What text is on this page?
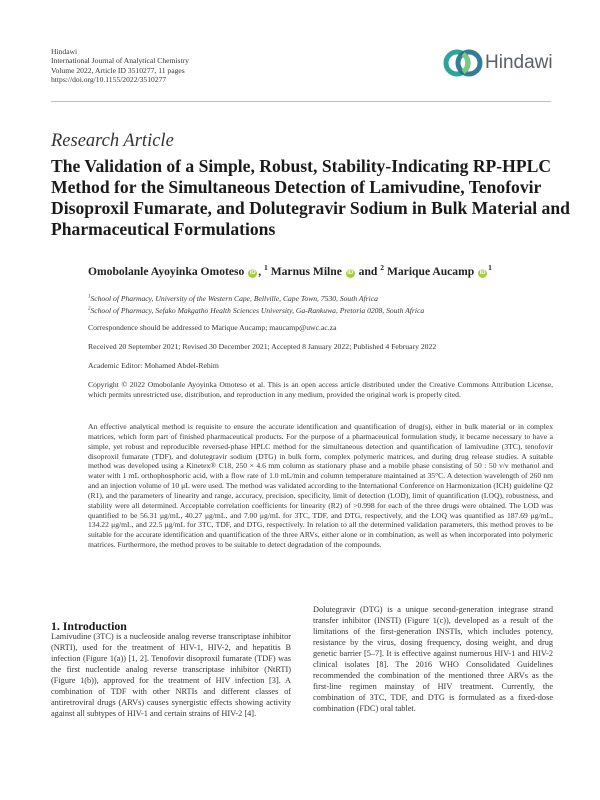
Hindawi
International Journal of Analytical Chemistry
Volume 2022, Article ID 3510277, 11 pages
https://doi.org/10.1155/2022/3510277
Hindawi
Research Article
The Validation of a Simple, Robust, Stability-Indicating RP-HPLC Method for the Simultaneous Detection of Lamivudine, Tenofovir Disoproxil Fumarate, and Dolutegravir Sodium in Bulk Material and Pharmaceutical Formulations
Omobolanle Ayoyinka Omoteso iD , $^1$ Marnus Milne iD and $^2$ Marique Aucamp $iD^1$
$^1$School of Pharmacy, University of the Western Cape, Bellville, Cape Town, 7530, South Africa
$^2$School of Pharmacy, Sefako Makgatho Health Sciences University, Ga-Rankuwa, Pretoria 0208, South Africa
Correspondence should be addressed to Marique Aucamp; maucamp@uwc.ac.za
Received 20 September 2021; Revised 30 December 2021; Accepted 8 January 2022; Published 4 February 2022
Academic Editor: Mohamed Abdel-Rehim
Copyright © 2022 Omobolanle Ayoyinka Omoteso et al. This is an open access article distributed under the Creative Commons Attribution License, which permits unrestricted use, distribution, and reproduction in any medium, provided the original work is properly cited.
An effective analytical method is requisite to ensure the accurate identification and quantification of drug(s), either in bulk material or in complex matrices, which form part of finished pharmaceutical products. For the purpose of a pharmaceutical formulation study, it became necessary to have a simple, yet robust and reproducible reversed-phase HPLC method for the simultaneous detection and quantification of lamivudine (3TC), tenofovir disoproxil fumarate (TDF), and dolutegravir sodium (DTG) in bulk form, complex polymeric matrices, and during drug release studies. A suitable method was developed using a Kinetex® C18, 250 × 4.6 mm column as stationary phase and a mobile phase consisting of 50 : 50 v/v methanol and water with 1 mL orthophosphoric acid, with a flow rate of 1.0 mL/min and column temperature maintained at 35°C. A detection wavelength of 260 nm and an injection volume of 10 μL were used. The method was validated according to the International Conference on Harmonization (ICH) guideline Q2 (R1), and the parameters of linearity and range, accuracy, precision, specificity, limit of detection (LOD), limit of quantification (LOQ), robustness, and stability were all determined. Acceptable correlation coefficients for linearity (R2) of >0.998 for each of the three drugs were obtained. The LOD was quantified to be 56.31 μg/mL, 40.27 μg/mL, and 7.00 μg/mL for 3TC, TDF, and DTG, respectively, and the LOQ was quantified as 187.69 μg/mL, 134.22 μg/mL, and 22.5 μg/mL for 3TC, TDF, and DTG, respectively. In relation to all the determined validation parameters, this method proves to be suitable for the accurate identification and quantification of the three ARVs, either alone or in combination, as well as when incorporated into polymeric matrices. Furthermore, the method proves to be suitable to detect degradation of the compounds.
1. Introduction
Lamivudine (3TC) is a nucleoside analog reverse transcriptase inhibitor (NRTI), used for the treatment of HIV-1, HIV-2, and hepatitis B infection (Figure 1(a)) [1, 2]. Tenofovir disoproxil fumarate (TDF) was the first nucleotide analog reverse transcriptase inhibitor (NtRTI) (Figure 1(b)), approved for the treatment of HIV infection [3]. A combination of TDF with other NRTIs and different classes of antiretroviral drugs (ARVs) causes synergistic effects showing activity against all subtypes of HIV-1 and certain strains of HIV-2 [4].
Dolutegravir (DTG) is a unique second-generation integrase strand transfer inhibitor (INSTI) (Figure 1(c)), developed as a result of the limitations of the first-generation INSTIs, which includes potency, resistance by the virus, dosing frequency, dosing weight, and drug genetic barrier [5–7]. It is effective against numerous HIV-1 and HIV-2 clinical isolates [8]. The 2016 WHO Consolidated Guidelines recommended the combination of the mentioned three ARVs as the first-line regimen mainstay of HIV treatment. Currently, the combination of 3TC, TDF, and DTG is formulated as a fixed-dose combination (FDC) oral tablet.
